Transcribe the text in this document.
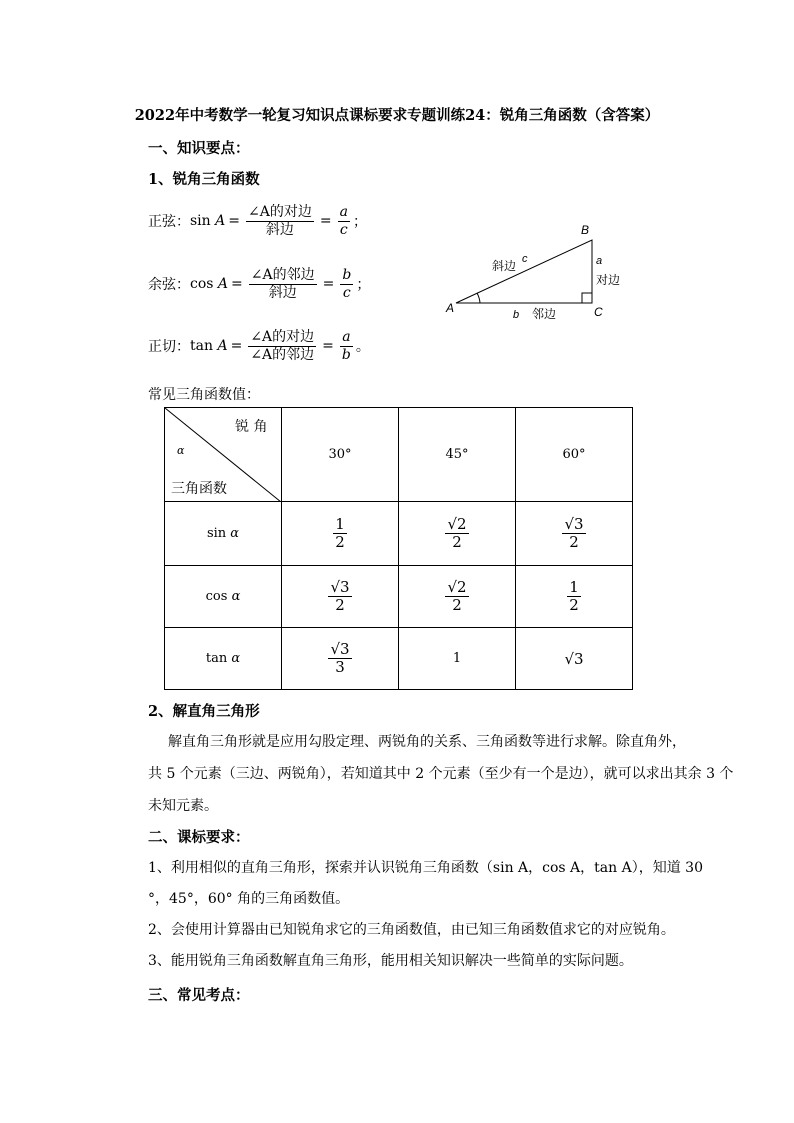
2022年中考数学一轮复习知识点课标要求专题训练24：锐角三角函数（含答案）
一、知识要点：
1、锐角三角函数
正弦： sin
$A = \frac{\text{∠A的对边}}{\text{斜边}} = \frac{a}{c}$ ；
余弦： cos
$A = \frac{\text{∠A的邻边}}{\text{斜边}} = \frac{b}{c}$ ；
正切： tan
$A = \frac{\text{∠A的对边}}{\text{∠A的邻边}} = \frac{a}{b}$ 。
A
B
C
斜边 c	a
对边
b 邻边
常见三角函数值：
锐 角
α
三角函数	30°	45°	60°
sin α	$\frac{1}{2}$	$\frac{√2}{2}$	$\frac{√3}{2}$

cos α	$\frac{√3}{2}$	$\frac{√2}{2}$	$\frac{1}{2}$

tan α	$\frac{√3}{3}$	1	√3
2、解直角三角形
解直角三角形就是应用勾股定理、两锐角的关系、三角函数等进行求解。除直角外，
共 5 个元素（三边、两锐角），若知道其中 2 个元素（至少有一个是边），就可以求出其余 3 个
未知元素。
二、课标要求：
1、利用相似的直角三角形，探索并认识锐角三角函数（sin A，cos A，tan A），知道 30
°，45°，60° 角的三角函数值。
2、会使用计算器由已知锐角求它的三角函数值，由已知三角函数值求它的对应锐角。
3、能用锐角三角函数解直角三角形，能用相关知识解决一些简单的实际问题。
三、常见考点：
